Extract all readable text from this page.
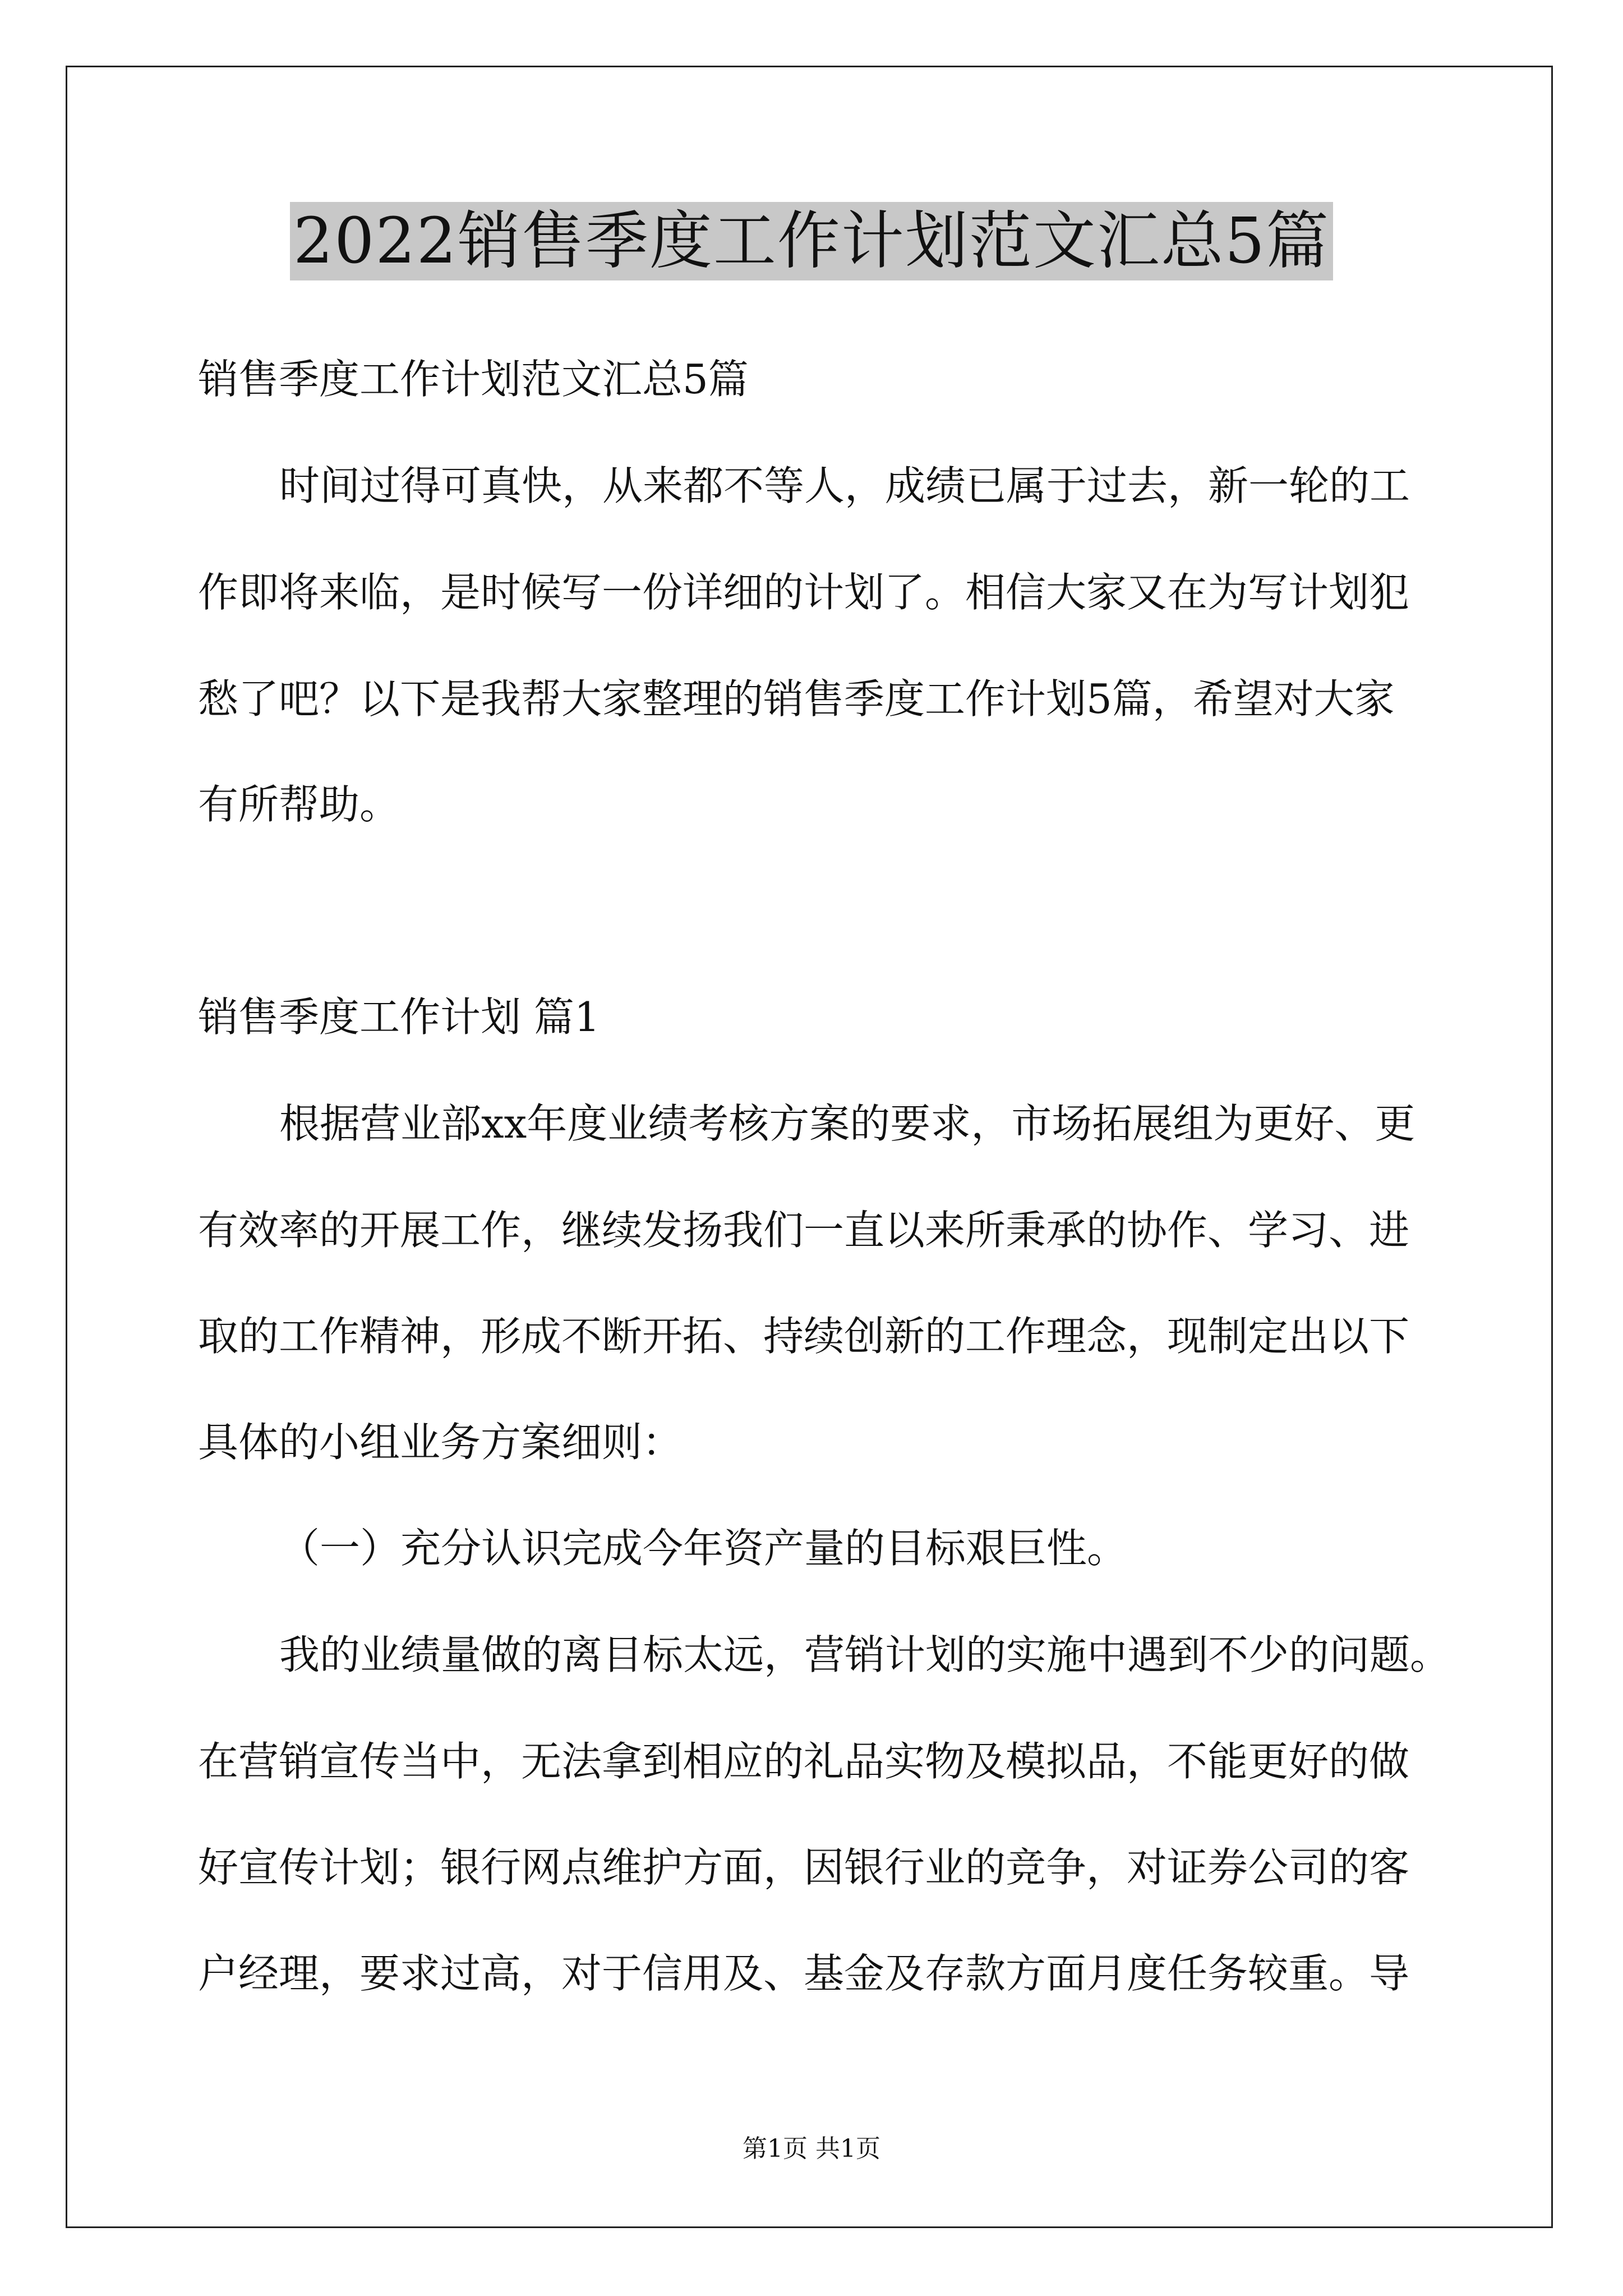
2022销售季度工作计划范文汇总5篇
销售季度工作计划范文汇总5篇
时间过得可真快，从来都不等人，成绩已属于过去，新一轮的工
作即将来临，是时候写一份详细的计划了。相信大家又在为写计划犯
愁了吧？以下是我帮大家整理的销售季度工作计划5篇，希望对大家
有所帮助。
销售季度工作计划 篇1
根据营业部xx年度业绩考核方案的要求，市场拓展组为更好、更
有效率的开展工作，继续发扬我们一直以来所秉承的协作、学习、进
取的工作精神，形成不断开拓、持续创新的工作理念，现制定出以下
具体的小组业务方案细则：
（一）充分认识完成今年资产量的目标艰巨性。
我的业绩量做的离目标太远，营销计划的实施中遇到不少的问题。
在营销宣传当中，无法拿到相应的礼品实物及模拟品，不能更好的做
好宣传计划；银行网点维护方面，因银行业的竞争，对证券公司的客
户经理，要求过高，对于信用及、基金及存款方面月度任务较重。导
第1页 共1页
